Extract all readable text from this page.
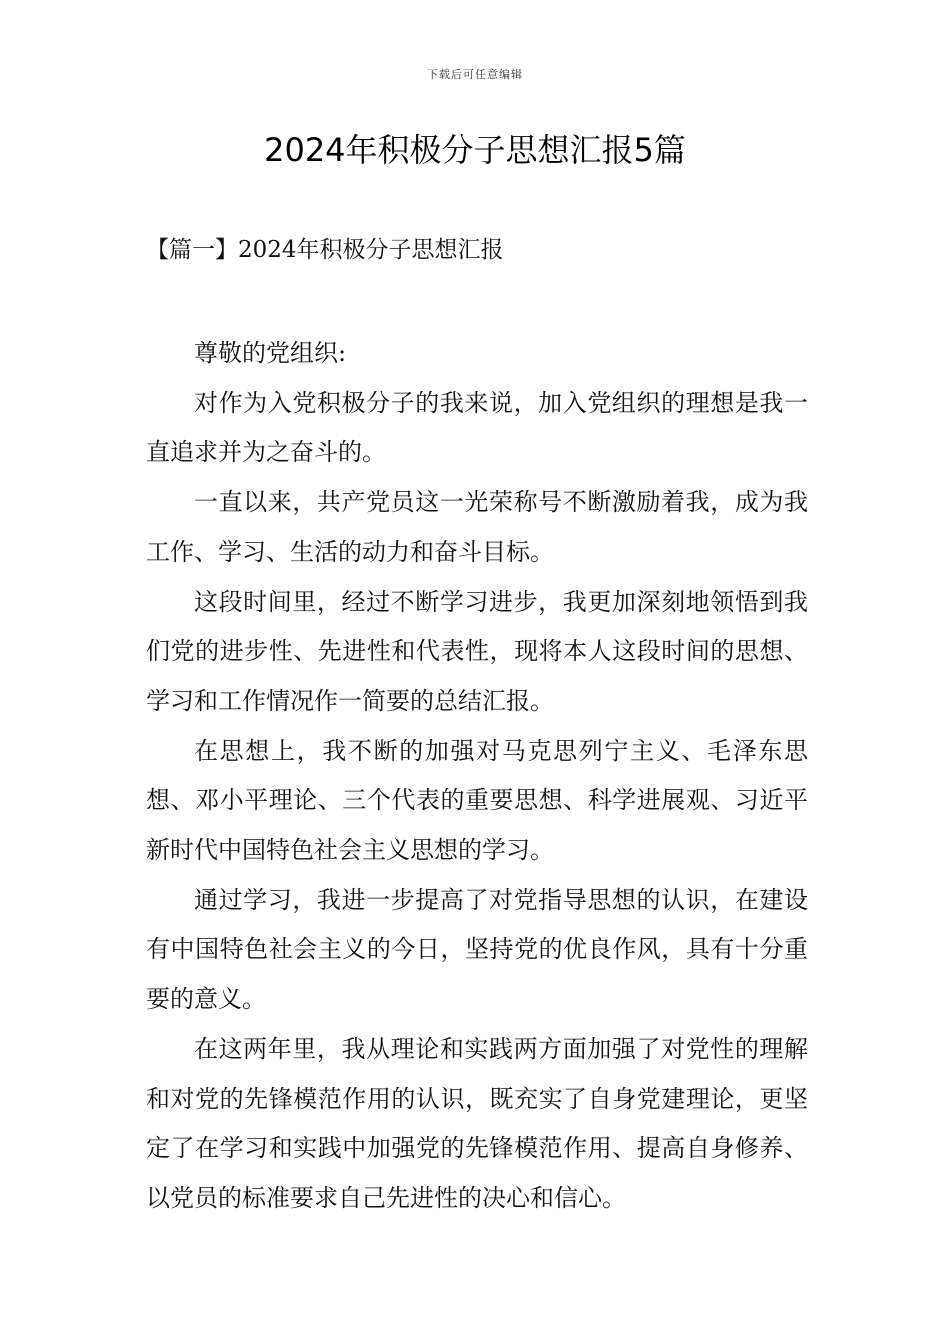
下载后可任意编辑
2024年积极分子思想汇报5篇
【篇一】2024年积极分子思想汇报

尊敬的党组织:

对作为入党积极分子的我来说，加入党组织的理想是我一直追求并为之奋斗的。

一直以来，共产党员这一光荣称号不断激励着我，成为我工作、学习、生活的动力和奋斗目标。

这段时间里，经过不断学习进步，我更加深刻地领悟到我们党的进步性、先进性和代表性，现将本人这段时间的思想、学习和工作情况作一简要的总结汇报。

在思想上，我不断的加强对马克思列宁主义、毛泽东思想、邓小平理论、三个代表的重要思想、科学进展观、习近平新时代中国特色社会主义思想的学习。

通过学习，我进一步提高了对党指导思想的认识，在建设有中国特色社会主义的今日，坚持党的优良作风，具有十分重要的意义。

在这两年里，我从理论和实践两方面加强了对党性的理解和对党的先锋模范作用的认识，既充实了自身党建理论，更坚定了在学习和实践中加强党的先锋模范作用、提高自身修养、以党员的标准要求自己先进性的决心和信心。
